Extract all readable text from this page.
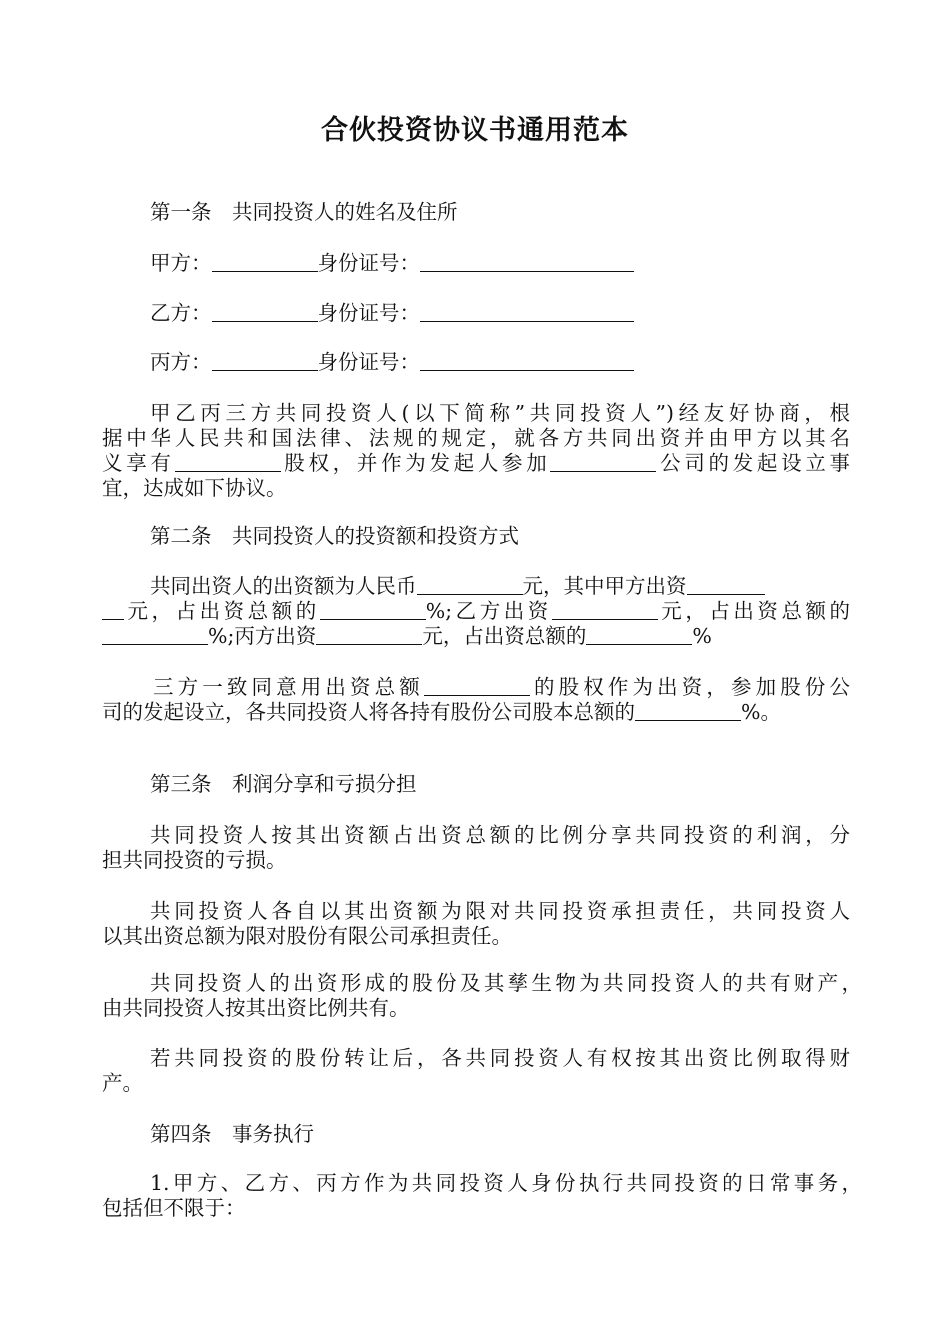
合伙投资协议书通用范本
第一条　共同投资人的姓名及住所
甲方：	身份证号：
乙方：	身份证号：
丙方：	身份证号：
甲乙丙三方共同投资人(以下简称”共同投资人”)经友好协商，根
据中华人民共和国法律、法规的规定，就各方共同出资并由甲方以其名
义享有	股权，并作为发起人参加	公司的发起设立事
宜，达成如下协议。
第二条　共同投资人的投资额和投资方式
共同出资人的出资额为人民币	元，其中甲方出资
元，占出资总额的	%;乙方出资	元，占出资总额的
%;丙方出资	元，占出资总额的	%
三方一致同意用出资总额	的股权作为出资，参加股份公
司的发起设立，各共同投资人将各持有股份公司股本总额的	%。
第三条　利润分享和亏损分担
共同投资人按其出资额占出资总额的比例分享共同投资的利润，分
担共同投资的亏损。
共同投资人各自以其出资额为限对共同投资承担责任，共同投资人
以其出资总额为限对股份有限公司承担责任。
共同投资人的出资形成的股份及其孳生物为共同投资人的共有财产，
由共同投资人按其出资比例共有。
若共同投资的股份转让后，各共同投资人有权按其出资比例取得财
产。
第四条　事务执行
1.甲方、乙方、丙方作为共同投资人身份执行共同投资的日常事务，
包括但不限于：
